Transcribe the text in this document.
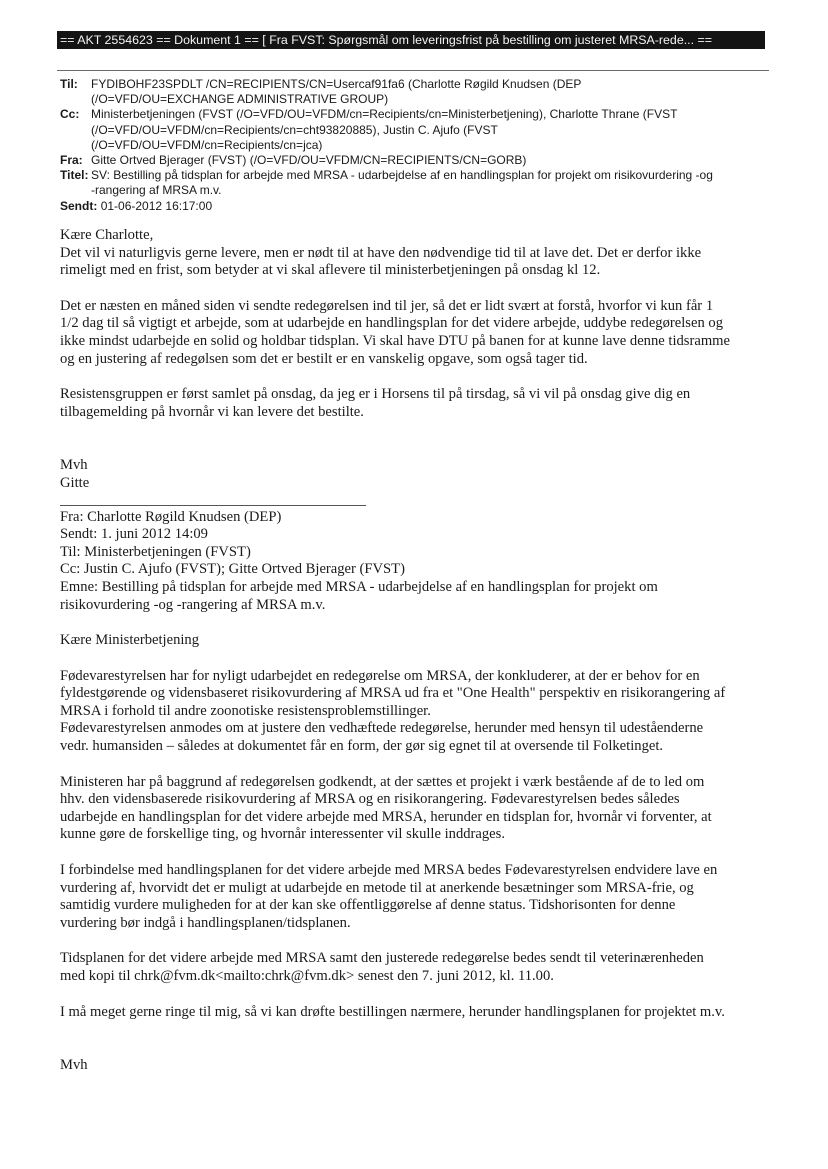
== AKT 2554623 == Dokument 1 == [ Fra FVST: Spørgsmål om leveringsfrist på bestilling om justeret MRSA-rede... ==
Til:	FYDIBOHF23SPDLT /CN=RECIPIENTS/CN=Usercaf91fa6 (Charlotte Røgild Knudsen (DEP
(/O=VFD/OU=EXCHANGE ADMINISTRATIVE GROUP)
Cc: Ministerbetjeningen (FVST (/O=VFD/OU=VFDM/cn=Recipients/cn=Ministerbetjening), Charlotte Thrane (FVST
(/O=VFD/OU=VFDM/cn=Recipients/cn=cht93820885), Justin C. Ajufo (FVST
(/O=VFD/OU=VFDM/cn=Recipients/cn=jca)
Fra: Gitte Ortved Bjerager (FVST) (/O=VFD/OU=VFDM/CN=RECIPIENTS/CN=GORB)
Titel: SV: Bestilling på tidsplan for arbejde med MRSA - udarbejdelse af en handlingsplan for projekt om risikovurdering -og
-rangering af MRSA m.v.
Sendt: 01-06-2012 16:17:00

Kære Charlotte,

Det vil vi naturligvis gerne levere, men er nødt til at have den nødvendige tid til at lave det. Det er derfor ikke
rimeligt med en frist, som betyder at vi skal aflevere til ministerbetjeningen på onsdag kl 12.

Det er næsten en måned siden vi sendte redegørelsen ind til jer, så det er lidt svært at forstå, hvorfor vi kun får 1
1/2 dag til så vigtigt et arbejde, som at udarbejde en handlingsplan for det videre arbejde, uddybe redegørelsen og
ikke mindst udarbejde en solid og holdbar tidsplan. Vi skal have DTU på banen for at kunne lave denne tidsramme
og en justering af redegølsen som det er bestilt er en vanskelig opgave, som også tager tid.

Resistensgruppen er først samlet på onsdag, da jeg er i Horsens til på tirsdag, så vi vil på onsdag give dig en
tilbagemelding på hvornår vi kan levere det bestilte.

Mvh

Gitte

Fra: Charlotte Røgild Knudsen (DEP)

Sendt: 1. juni 2012 14:09

Til: Ministerbetjeningen (FVST)

Cc: Justin C. Ajufo (FVST); Gitte Ortved Bjerager (FVST)

Emne: Bestilling på tidsplan for arbejde med MRSA - udarbejdelse af en handlingsplan for projekt om
risikovurdering -og -rangering af MRSA m.v.

Kære Ministerbetjening

Fødevarestyrelsen har for nyligt udarbejdet en redegørelse om MRSA, der konkluderer, at der er behov for en
fyldestgørende og vidensbaseret risikovurdering af MRSA ud fra et "One Health" perspektiv en risikorangering af
MRSA i forhold til andre zoonotiske resistensproblemstillinger.
Fødevarestyrelsen anmodes om at justere den vedhæftede redegørelse, herunder med hensyn til udeståenderne
vedr. humansiden – således at dokumentet får en form, der gør sig egnet til at oversende til Folketinget.

Ministeren har på baggrund af redegørelsen godkendt, at der sættes et projekt i værk bestående af de to led om
hhv. den vidensbaserede risikovurdering af MRSA og en risikorangering. Fødevarestyrelsen bedes således
udarbejde en handlingsplan for det videre arbejde med MRSA, herunder en tidsplan for, hvornår vi forventer, at
kunne gøre de forskellige ting, og hvornår interessenter vil skulle inddrages.

I forbindelse med handlingsplanen for det videre arbejde med MRSA bedes Fødevarestyrelsen endvidere lave en
vurdering af, hvorvidt det er muligt at udarbejde en metode til at anerkende besætninger som MRSA-frie, og
samtidig vurdere muligheden for at der kan ske offentliggørelse af denne status. Tidshorisonten for denne
vurdering bør indgå i handlingsplanen/tidsplanen.

Tidsplanen for det videre arbejde med MRSA samt den justerede redegørelse bedes sendt til veterinærenheden
med kopi til chrk@fvm.dk<mailto:chrk@fvm.dk> senest den 7. juni 2012, kl. 11.00.

I må meget gerne ringe til mig, så vi kan drøfte bestillingen nærmere, herunder handlingsplanen for projektet m.v.

Mvh
